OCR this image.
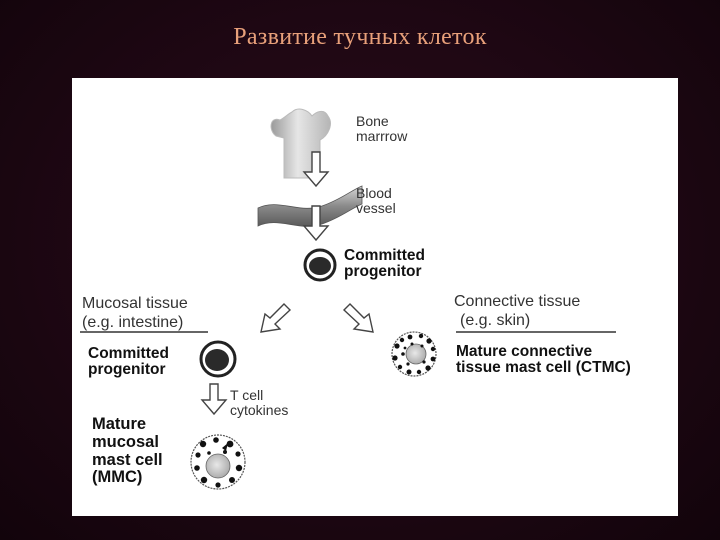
Развитие тучных клеток
Bone
marrrow
Blood
vessel
Committed
progenitor
Mucosal tissue
(e.g. intestine)
Connective tissue
(e.g. skin)
Committed
progenitor
Mature connective
tissue mast cell (CTMC)
T cell
cytokines
Mature
mucosal
mast cell
(MMC)
